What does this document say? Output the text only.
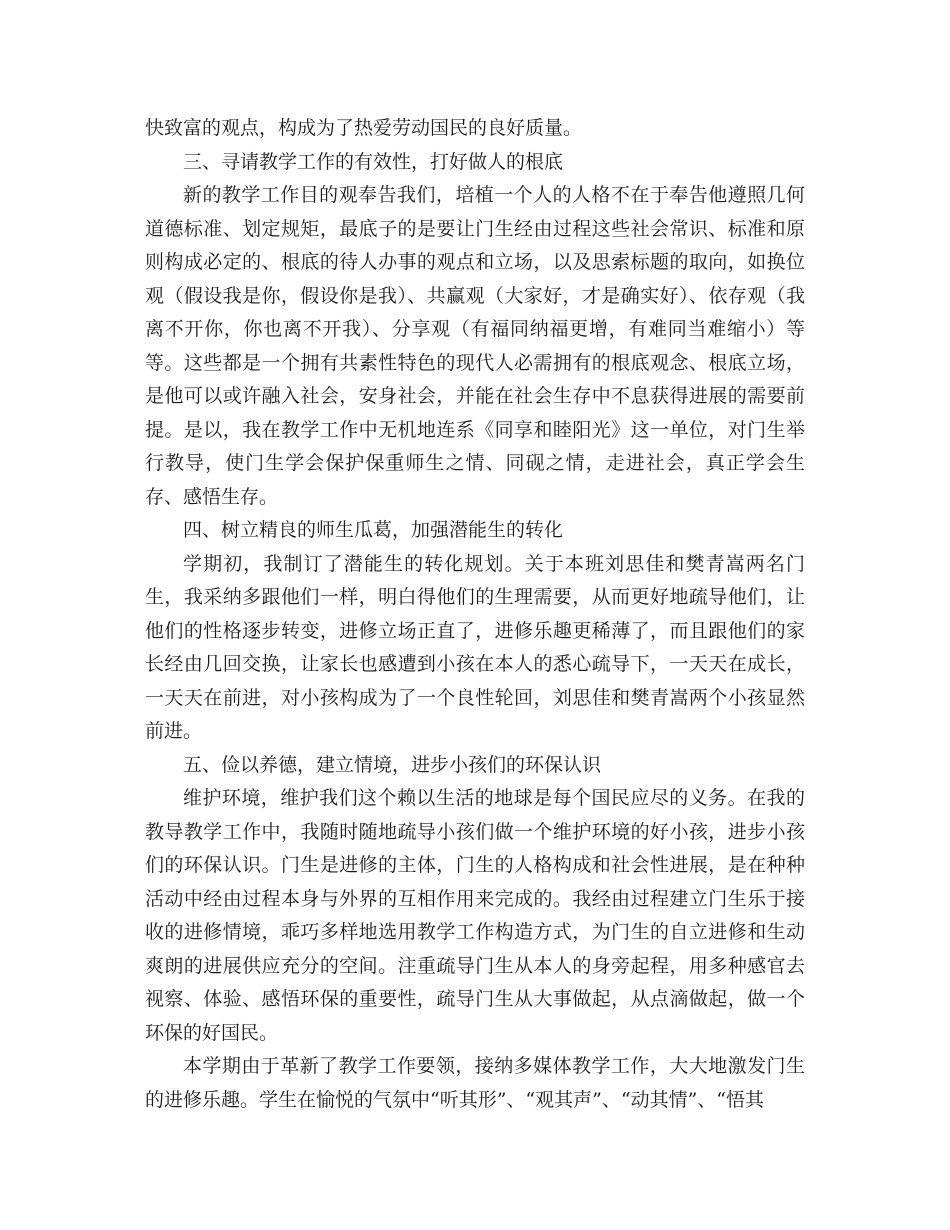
快致富的观点，构成为了热爱劳动国民的良好质量。

三、寻请教学工作的有效性，打好做人的根底

新的教学工作目的观奉告我们，培植一个人的人格不在于奉告他遵照几何道德标准、划定规矩，最底子的是要让门生经由过程这些社会常识、标准和原则构成必定的、根底的待人办事的观点和立场，以及思索标题的取向，如换位观（假设我是你，假设你是我）、共赢观（大家好，才是确实好）、依存观（我离不开你，你也离不开我）、分享观（有福同纳福更增，有难同当难缩小）等等。这些都是一个拥有共素性特色的现代人必需拥有的根底观念、根底立场，是他可以或许融入社会，安身社会，并能在社会生存中不息获得进展的需要前提。是以，我在教学工作中无机地连系《同享和睦阳光》这一单位，对门生举行教导，使门生学会保护保重师生之情、同砚之情，走进社会，真正学会生存、感悟生存。

四、树立精良的师生瓜葛，加强潜能生的转化

学期初，我制订了潜能生的转化规划。关于本班刘思佳和樊青嵩两名门生，我采纳多跟他们一样，明白得他们的生理需要，从而更好地疏导他们，让他们的性格逐步转变，进修立场正直了，进修乐趣更稀薄了，而且跟他们的家长经由几回交换，让家长也感遭到小孩在本人的悉心疏导下，一天天在成长，一天天在前进，对小孩构成为了一个良性轮回，刘思佳和樊青嵩两个小孩显然前进。

五、俭以养德，建立情境，进步小孩们的环保认识

维护环境，维护我们这个赖以生活的地球是每个国民应尽的义务。在我的教导教学工作中，我随时随地疏导小孩们做一个维护环境的好小孩，进步小孩们的环保认识。门生是进修的主体，门生的人格构成和社会性进展，是在种种活动中经由过程本身与外界的互相作用来完成的。我经由过程建立门生乐于接收的进修情境，乖巧多样地选用教学工作构造方式，为门生的自立进修和生动爽朗的进展供应充分的空间。注重疏导门生从本人的身旁起程，用多种感官去视察、体验、感悟环保的重要性，疏导门生从大事做起，从点滴做起，做一个环保的好国民。

本学期由于革新了教学工作要领，接纳多媒体教学工作，大大地激发门生的进修乐趣。学生在愉悦的气氛中“听其形”、“观其声”、“动其情”、“悟其
